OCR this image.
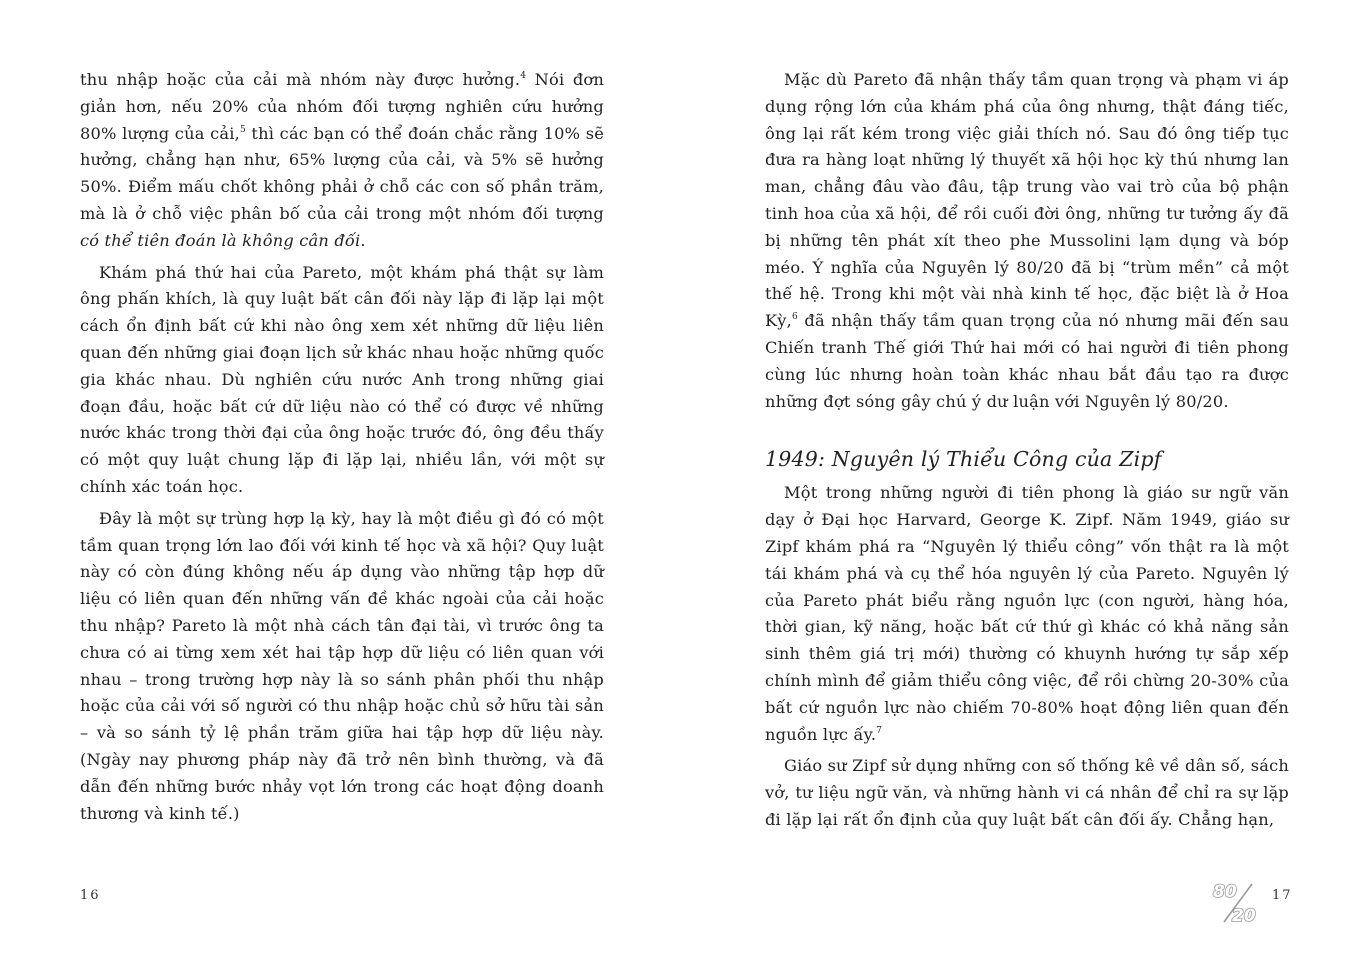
thu nhập hoặc của cải mà nhóm này được hưởng.$^4$ Nói đơn giản hơn, nếu 20% của nhóm đối tượng nghiên cứu hưởng 80% lượng của cải,$^5$ thì các bạn có thể đoán chắc rằng 10% sẽ hưởng, chẳng hạn như, 65% lượng của cải, và 5% sẽ hưởng 50%. Điểm mấu chốt không phải ở chỗ các con số phần trăm, mà là ở chỗ việc phân bố của cải trong một nhóm đối tượng có thể tiên đoán là không cân đối.

Khám phá thứ hai của Pareto, một khám phá thật sự làm ông phấn khích, là quy luật bất cân đối này lặp đi lặp lại một cách ổn định bất cứ khi nào ông xem xét những dữ liệu liên quan đến những giai đoạn lịch sử khác nhau hoặc những quốc gia khác nhau. Dù nghiên cứu nước Anh trong những giai đoạn đầu, hoặc bất cứ dữ liệu nào có thể có được về những nước khác trong thời đại của ông hoặc trước đó, ông đều thấy có một quy luật chung lặp đi lặp lại, nhiều lần, với một sự chính xác toán học.

Đây là một sự trùng hợp lạ kỳ, hay là một điều gì đó có một tầm quan trọng lớn lao đối với kinh tế học và xã hội? Quy luật này có còn đúng không nếu áp dụng vào những tập hợp dữ liệu có liên quan đến những vấn đề khác ngoài của cải hoặc thu nhập? Pareto là một nhà cách tân đại tài, vì trước ông ta chưa có ai từng xem xét hai tập hợp dữ liệu có liên quan với nhau – trong trường hợp này là so sánh phân phối thu nhập hoặc của cải với số người có thu nhập hoặc chủ sở hữu tài sản – và so sánh tỷ lệ phần trăm giữa hai tập hợp dữ liệu này. (Ngày nay phương pháp này đã trở nên bình thường, và đã dẫn đến những bước nhảy vọt lớn trong các hoạt động doanh thương và kinh tế.)

16

Mặc dù Pareto đã nhận thấy tầm quan trọng và phạm vi áp dụng rộng lớn của khám phá của ông nhưng, thật đáng tiếc, ông lại rất kém trong việc giải thích nó. Sau đó ông tiếp tục đưa ra hàng loạt những lý thuyết xã hội học kỳ thú nhưng lan man, chẳng đâu vào đâu, tập trung vào vai trò của bộ phận tinh hoa của xã hội, để rồi cuối đời ông, những tư tưởng ấy đã bị những tên phát xít theo phe Mussolini lạm dụng và bóp méo. Ý nghĩa của Nguyên lý 80/20 đã bị “trùm mền” cả một thế hệ. Trong khi một vài nhà kinh tế học, đặc biệt là ở Hoa Kỳ,$^6$ đã nhận thấy tầm quan trọng của nó nhưng mãi đến sau Chiến tranh Thế giới Thứ hai mới có hai người đi tiên phong cùng lúc nhưng hoàn toàn khác nhau bắt đầu tạo ra được những đợt sóng gây chú ý dư luận với Nguyên lý 80/20.

1949: Nguyên lý Thiểu Công của Zipf

Một trong những người đi tiên phong là giáo sư ngữ văn dạy ở Đại học Harvard, George K. Zipf. Năm 1949, giáo sư Zipf khám phá ra “Nguyên lý thiểu công” vốn thật ra là một tái khám phá và cụ thể hóa nguyên lý của Pareto. Nguyên lý của Pareto phát biểu rằng nguồn lực (con người, hàng hóa, thời gian, kỹ năng, hoặc bất cứ thứ gì khác có khả năng sản sinh thêm giá trị mới) thường có khuynh hướng tự sắp xếp chính mình để giảm thiểu công việc, để rồi chừng 20-30% của bất cứ nguồn lực nào chiếm 70-80% hoạt động liên quan đến nguồn lực ấy.$^7$

Giáo sư Zipf sử dụng những con số thống kê về dân số, sách vở, tư liệu ngữ văn, và những hành vi cá nhân để chỉ ra sự lặp đi lặp lại rất ổn định của quy luật bất cân đối ấy. Chẳng hạn,

80
20
17
